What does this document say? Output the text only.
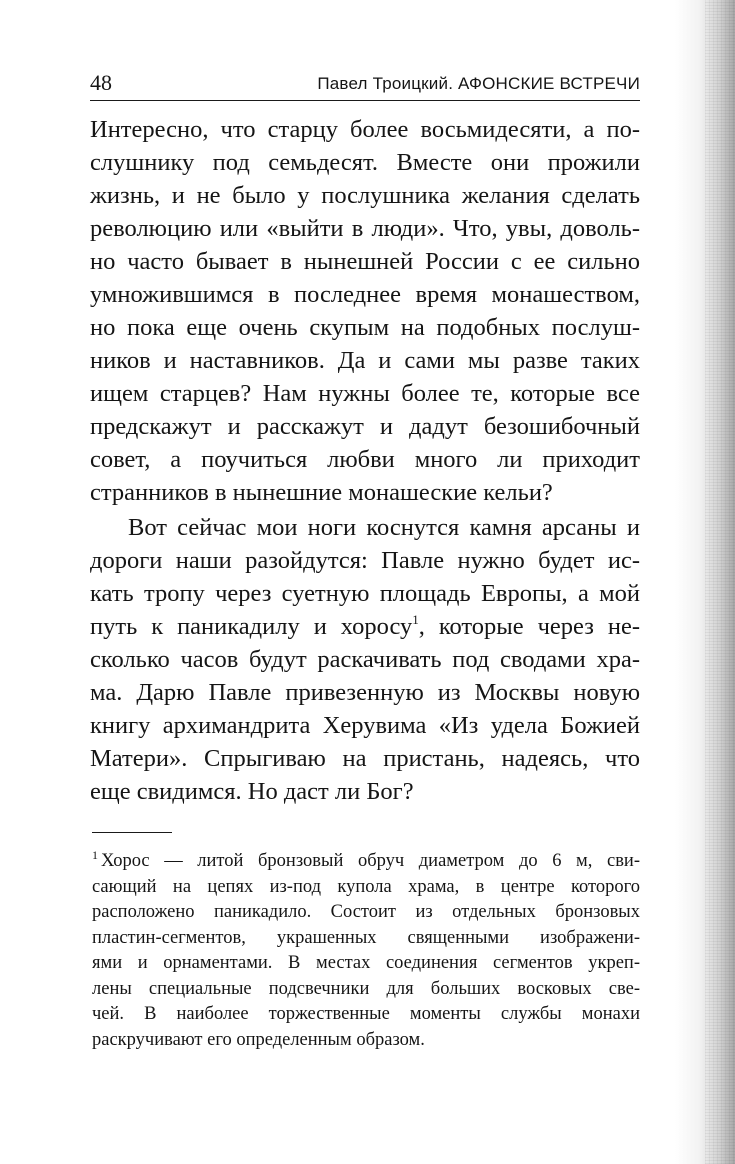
48	Павел Троицкий. АФОНСКИЕ ВСТРЕЧИ
Интересно, что старцу более восьмидесяти, а по-
слушнику под семьдесят. Вместе они прожили
жизнь, и не было у послушника желания сделать
революцию или «выйти в люди». Что, увы, доволь-
но часто бывает в нынешней России с ее сильно
умножившимся в последнее время монашеством,
но пока еще очень скупым на подобных послуш-
ников и наставников. Да и сами мы разве таких
ищем старцев? Нам нужны более те, которые все
предскажут и расскажут и дадут безошибочный
совет, а поучиться любви много ли приходит
странников в нынешние монашеские кельи?
Вот сейчас мои ноги коснутся камня арсаны и
дороги наши разойдутся: Павле нужно будет ис-
кать тропу через суетную площадь Европы, а мой
путь к паникадилу и хоросу$^1$, которые через не-
сколько часов будут раскачивать под сводами хра-
ма. Дарю Павле привезенную из Москвы новую
книгу архимандрита Херувима «Из удела Божией
Матери». Спрыгиваю на пристань, надеясь, что
еще свидимся. Но даст ли Бог?
$^1$ Хорос — литой бронзовый обруч диаметром до 6 м, сви-
сающий на цепях из-под купола храма, в центре которого
расположено паникадило. Состоит из отдельных бронзовых
пластин-сегментов, украшенных священными изображени-
ями и орнаментами. В местах соединения сегментов укреп-
лены специальные подсвечники для больших восковых све-
чей. В наиболее торжественные моменты службы монахи
раскручивают его определенным образом.
